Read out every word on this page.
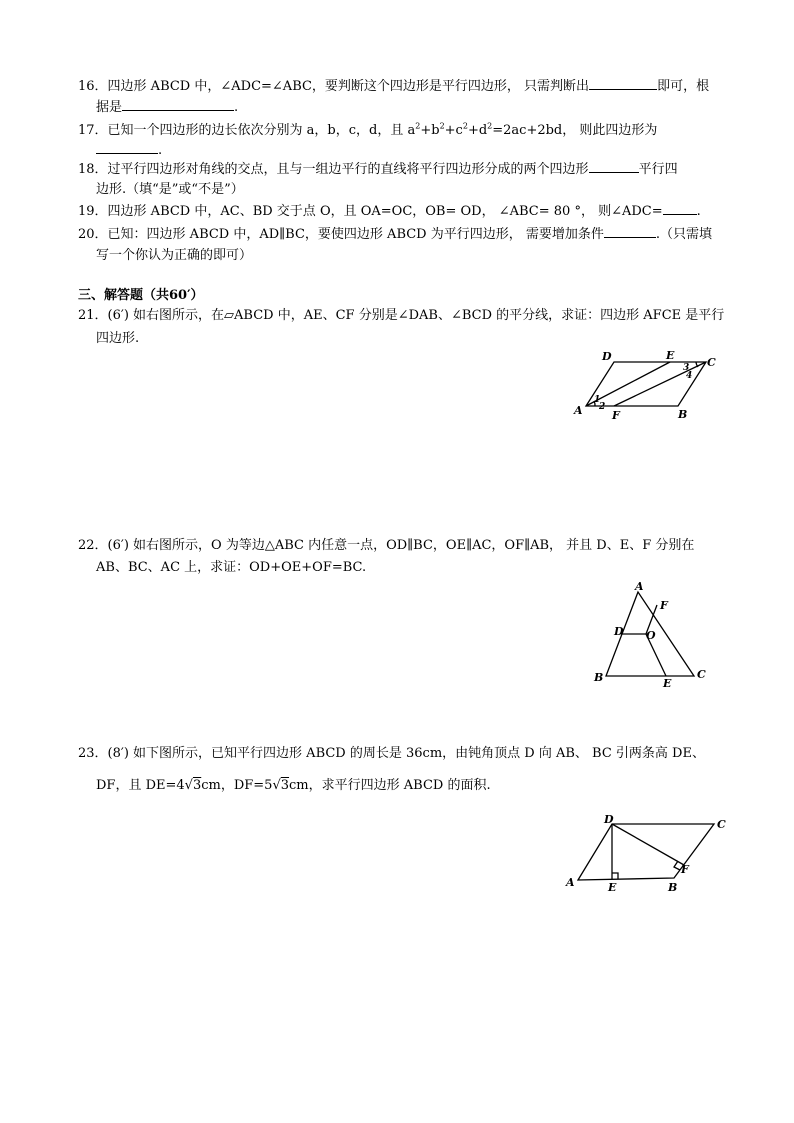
16．四边形 ABCD 中，∠ADC=∠ABC，要判断这个四边形是平行四边形， 只需判断出	即可，根
据是	.
17．已知一个四边形的边长依次分别为 a，b，c，d，且 $a^2+b^2+c^2+d^2=2ac+2bd$， 则此四边形为
.
18．过平行四边形对角线的交点，且与一组边平行的直线将平行四边形分成的两个四边形	平行四
边形.（填“是”或“不是”）
19．四边形 ABCD 中，AC、BD 交于点 O，且 OA=OC，OB= OD， ∠ABC= 80 °， 则∠ADC=	.
20．已知：四边形 ABCD 中，AD∥BC，要使四边形 ABCD 为平行四边形， 需要增加条件	.（只需填
写一个你认为正确的即可）
三、解答题（共60′）
21．(6′) 如右图所示，在▱ABCD 中，AE、CF 分别是∠DAB、∠BCD 的平分线，求证：四边形 AFCE 是平行
四边形.
A	B
C
D	E
F
1
2
3
4
22．(6′) 如右图所示，O 为等边△ABC 内任意一点，OD∥BC，OE∥AC，OF∥AB， 并且 D、E、F 分别在
AB、BC、AC 上，求证：OD+OE+OF=BC.
A
B	C
D
E
F
O
23．(8′) 如下图所示，已知平行四边形 ABCD 的周长是 36cm，由钝角顶点 D 向 AB、 BC 引两条高 DE、
DF，且 DE=4√3cm，DF=5√3cm，求平行四边形 ABCD 的面积.
A	B
C
D
E
F
